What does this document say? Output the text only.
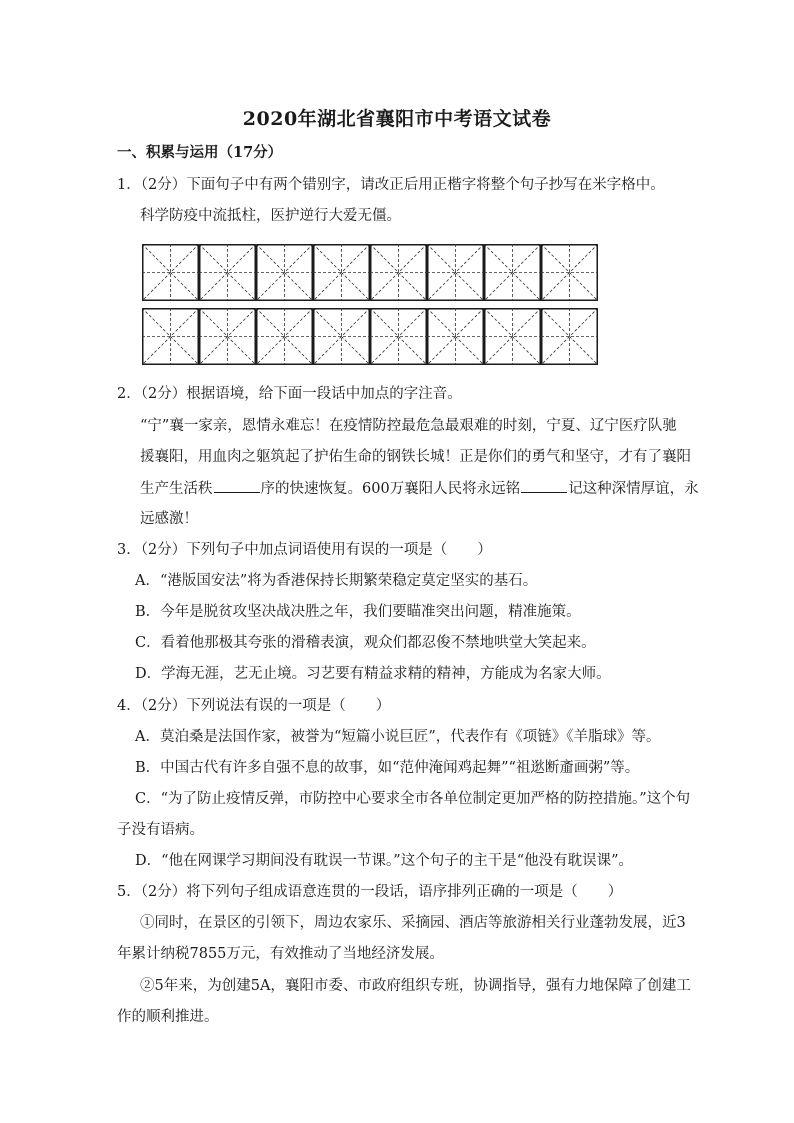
2020年湖北省襄阳市中考语文试卷
一、积累与运用（17分）
1．（2分）下面句子中有两个错别字，请改正后用正楷字将整个句子抄写在米字格中。
科学防疫中流抵柱，医护逆行大爱无僵。
2．（2分）根据语境，给下面一段话中加点的字注音。
“宁”襄一家亲，恩情永难忘！在疫情防控最危急最艰难的时刻，宁夏、辽宁医疗队驰
援襄阳，用血肉之躯筑起了护佑生命的钢铁长城！正是你们的勇气和坚守，才有了襄阳
生产生活秩	序的快速恢复。600万襄阳人民将永远铭	记这种深情厚谊，永
远感激！
3．（2分）下列句子中加点词语使用有误的一项是（ ）
A．“港版国安法”将为香港保持长期繁荣稳定莫定坚实的基石。
B．今年是脱贫攻坚决战决胜之年，我们要瞄准突出问题，精准施策。
C．看着他那极其夸张的滑稽表演，观众们都忍俊不禁地哄堂大笑起来。
D．学海无涯，艺无止境。习艺要有精益求精的精神，方能成为名家大师。
4．（2分）下列说法有误的一项是（ ）
A．莫泊桑是法国作家，被誉为“短篇小说巨匠”，代表作有《项链》《羊脂球》等。
B．中国古代有许多自强不息的故事，如“范仲淹闻鸡起舞”“祖逖断齑画粥”等。
C．“为了防止疫情反弹，市防控中心要求全市各单位制定更加严格的防控措施。”这个句
子没有语病。
D．“他在网课学习期间没有耽误一节课。”这个句子的主干是“他没有耽误课”。
5．（2分）将下列句子组成语意连贯的一段话，语序排列正确的一项是（ ）
①同时，在景区的引领下，周边农家乐、采摘园、酒店等旅游相关行业蓬勃发展，近3
年累计纳税7855万元，有效推动了当地经济发展。
②5年来，为创建5A，襄阳市委、市政府组织专班，协调指导，强有力地保障了创建工
作的顺利推进。
